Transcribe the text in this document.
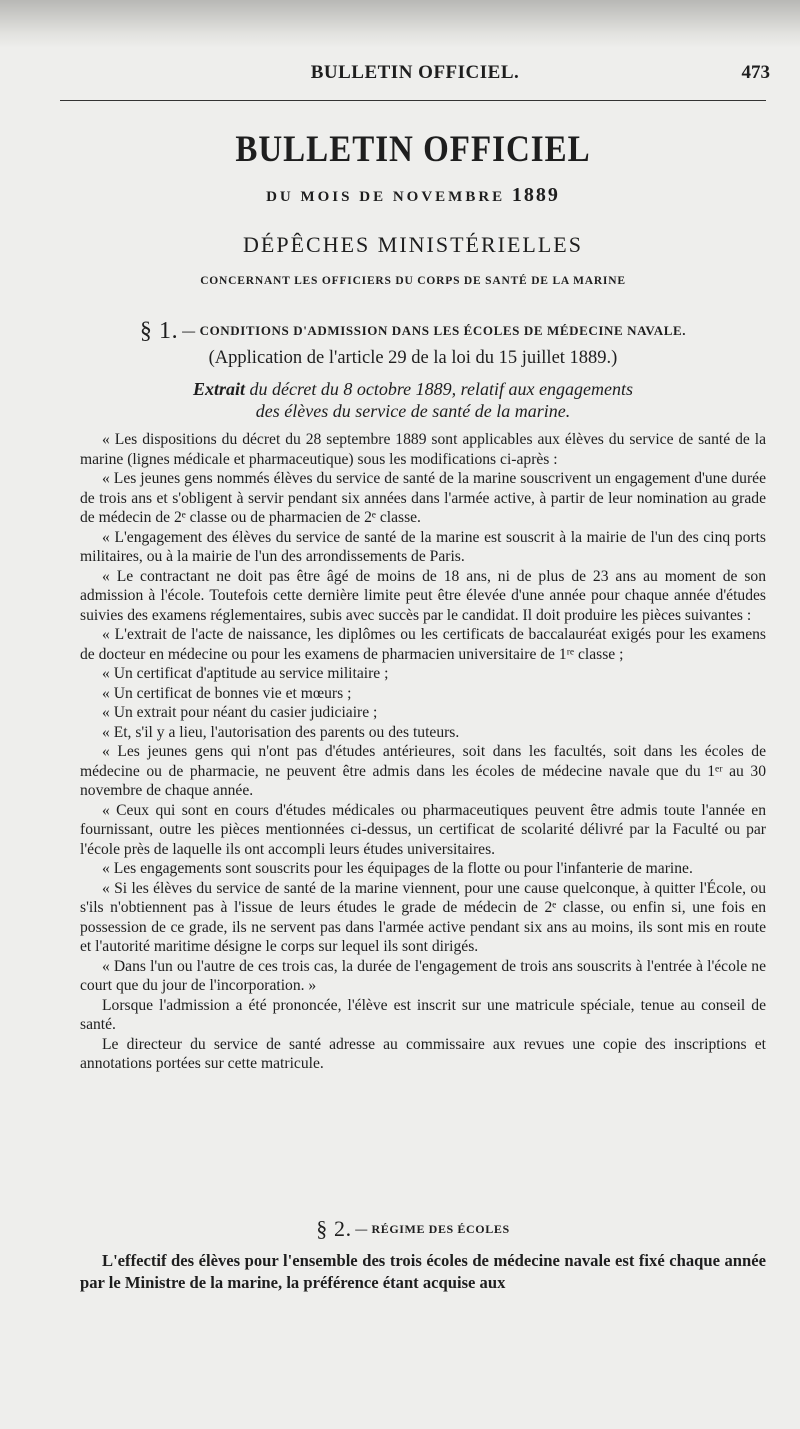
BULLETIN OFFICIEL.	473
BULLETIN OFFICIEL
DU MOIS DE NOVEMBRE 1889
DÉPÊCHES MINISTÉRIELLES
CONCERNANT LES OFFICIERS DU CORPS DE SANTÉ DE LA MARINE
§ 1. — CONDITIONS D'ADMISSION DANS LES ÉCOLES DE MÉDECINE NAVALE.
(Application de l'article 29 de la loi du 15 juillet 1889.)
Extrait du décret du 8 octobre 1889, relatif aux engagements
des élèves du service de santé de la marine.

« Les dispositions du décret du 28 septembre 1889 sont applicables aux élèves du service de santé de la marine (lignes médicale et pharmaceutique) sous les modifications ci-après :

« Les jeunes gens nommés élèves du service de santé de la marine souscrivent un engagement d'une durée de trois ans et s'obligent à servir pendant six années dans l'armée active, à partir de leur nomination au grade de médecin de 2ᵉ classe ou de pharmacien de 2ᵉ classe.

« L'engagement des élèves du service de santé de la marine est souscrit à la mairie de l'un des cinq ports militaires, ou à la mairie de l'un des arrondissements de Paris.

« Le contractant ne doit pas être âgé de moins de 18 ans, ni de plus de 23 ans au moment de son admission à l'école. Toutefois cette dernière limite peut être élevée d'une année pour chaque année d'études suivies des examens réglementaires, subis avec succès par le candidat. Il doit produire les pièces suivantes :

« L'extrait de l'acte de naissance, les diplômes ou les certificats de baccalauréat exigés pour les examens de docteur en médecine ou pour les examens de pharmacien universitaire de 1ʳᵉ classe ;

« Un certificat d'aptitude au service militaire ;

« Un certificat de bonnes vie et mœurs ;

« Un extrait pour néant du casier judiciaire ;

« Et, s'il y a lieu, l'autorisation des parents ou des tuteurs.

« Les jeunes gens qui n'ont pas d'études antérieures, soit dans les facultés, soit dans les écoles de médecine ou de pharmacie, ne peuvent être admis dans les écoles de médecine navale que du 1ᵉʳ au 30 novembre de chaque année.

« Ceux qui sont en cours d'études médicales ou pharmaceutiques peuvent être admis toute l'année en fournissant, outre les pièces mentionnées ci-dessus, un certificat de scolarité délivré par la Faculté ou par l'école près de laquelle ils ont accompli leurs études universitaires.

« Les engagements sont souscrits pour les équipages de la flotte ou pour l'infanterie de marine.

« Si les élèves du service de santé de la marine viennent, pour une cause quelconque, à quitter l'École, ou s'ils n'obtiennent pas à l'issue de leurs études le grade de médecin de 2ᵉ classe, ou enfin si, une fois en possession de ce grade, ils ne servent pas dans l'armée active pendant six ans au moins, ils sont mis en route et l'autorité maritime désigne le corps sur lequel ils sont dirigés.

« Dans l'un ou l'autre de ces trois cas, la durée de l'engagement de trois ans souscrits à l'entrée à l'école ne court que du jour de l'incorporation. »

Lorsque l'admission a été prononcée, l'élève est inscrit sur une matricule spéciale, tenue au conseil de santé.

Le directeur du service de santé adresse au commissaire aux revues une copie des inscriptions et annotations portées sur cette matricule.

§ 2. — RÉGIME DES ÉCOLES

L'effectif des élèves pour l'ensemble des trois écoles de médecine navale est fixé chaque année par le Ministre de la marine, la préférence étant acquise aux
